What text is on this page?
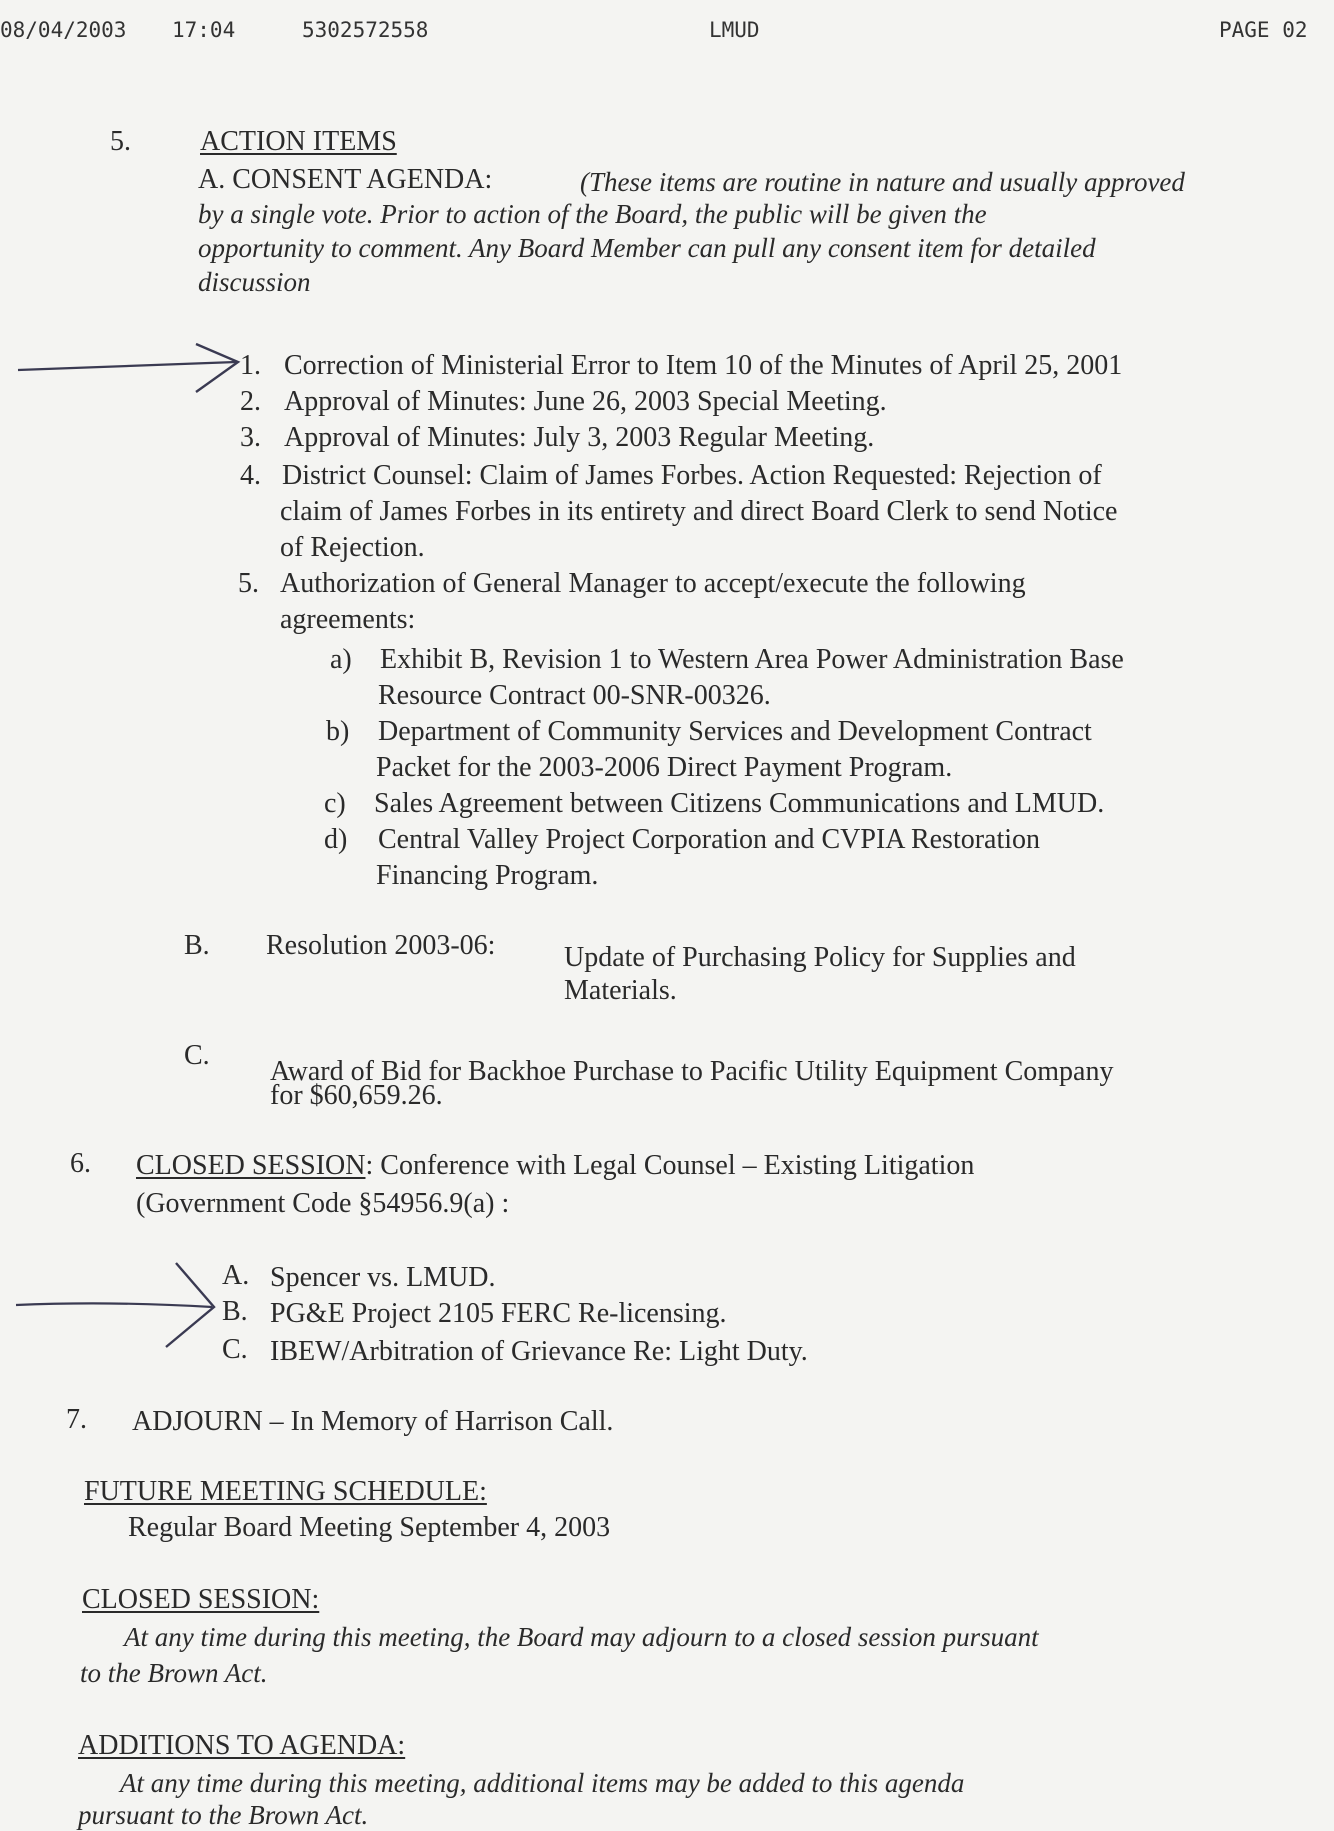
08/04/2003 17:04	5302572558	LMUD	PAGE 02
5. ACTION ITEMS
A. CONSENT AGENDA:	(These items are routine in nature and usually approved
by a single vote. Prior to action of the Board, the public will be given the
opportunity to comment. Any Board Member can pull any consent item for detailed
discussion
1. Correction of Ministerial Error to Item 10 of the Minutes of April 25, 2001
2. Approval of Minutes: June 26, 2003 Special Meeting.
3. Approval of Minutes: July 3, 2003 Regular Meeting.
4. District Counsel: Claim of James Forbes. Action Requested: Rejection of
claim of James Forbes in its entirety and direct Board Clerk to send Notice
of Rejection.
5. Authorization of General Manager to accept/execute the following
agreements:
a) Exhibit B, Revision 1 to Western Area Power Administration Base
Resource Contract 00-SNR-00326.
b) Department of Community Services and Development Contract
Packet for the 2003-2006 Direct Payment Program.
c) Sales Agreement between Citizens Communications and LMUD.
d) Central Valley Project Corporation and CVPIA Restoration
Financing Program.
B. Resolution 2003-06: Update of Purchasing Policy for Supplies and
Materials.
C.
Award of Bid for Backhoe Purchase to Pacific Utility Equipment Company
for $60,659.26.
6. CLOSED SESSION: Conference with Legal Counsel – Existing Litigation
(Government Code §54956.9(a) :
A. Spencer vs. LMUD.
B. PG&E Project 2105 FERC Re-licensing.
C. IBEW/Arbitration of Grievance Re: Light Duty.
7. ADJOURN – In Memory of Harrison Call.
FUTURE MEETING SCHEDULE:
Regular Board Meeting September 4, 2003
CLOSED SESSION:
At any time during this meeting, the Board may adjourn to a closed session pursuant
to the Brown Act.
ADDITIONS TO AGENDA:
At any time during this meeting, additional items may be added to this agenda
pursuant to the Brown Act.
